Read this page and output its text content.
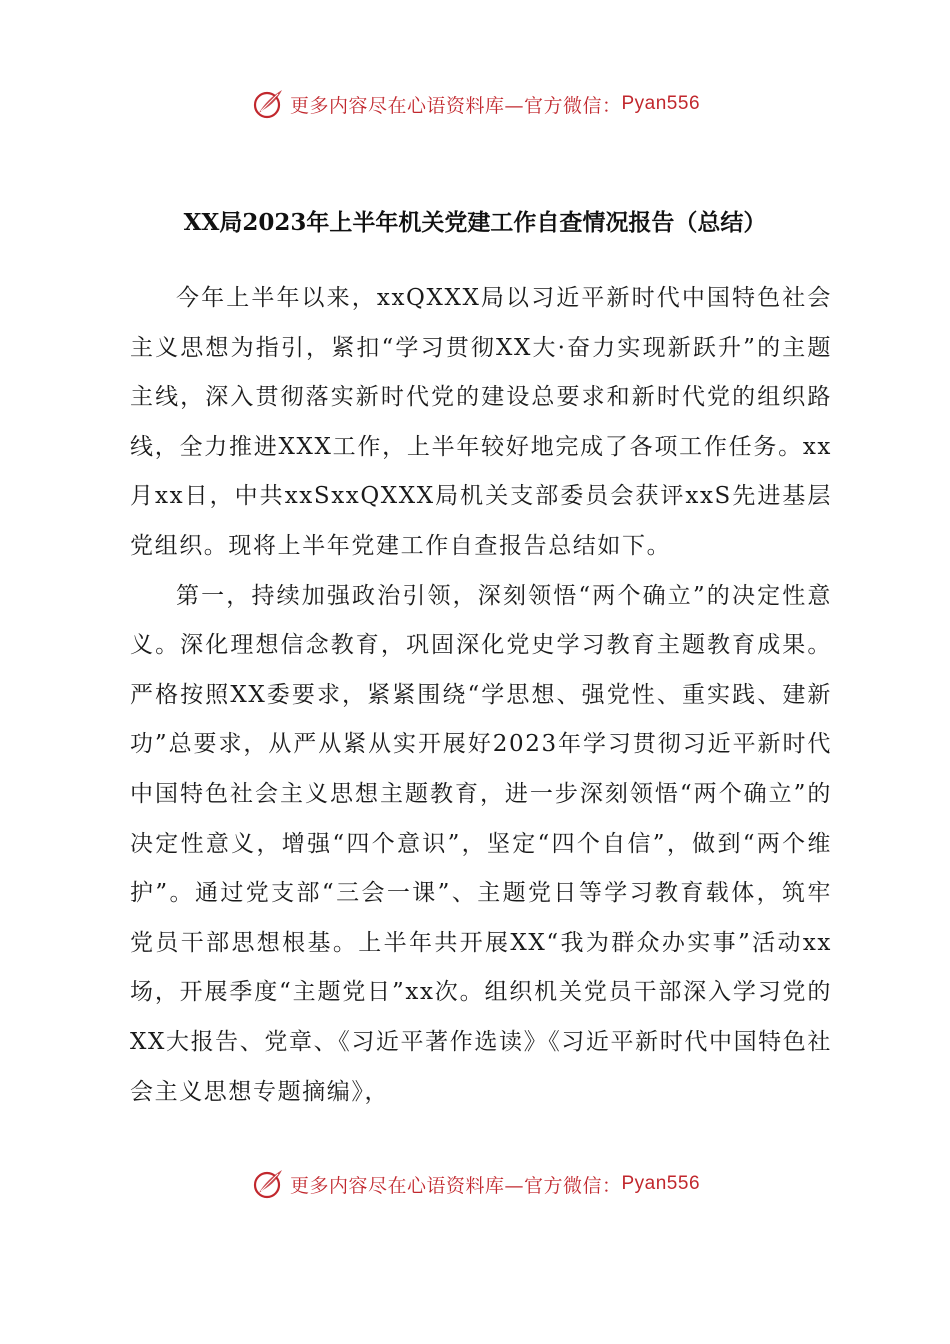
更多内容尽在心语资料库—官方微信： Pyan556
XX局2023年上半年机关党建工作自查情况报告（总结）

今年上半年以来，xxQXXX局以习近平新时代中国特色社会主义思想为指引，紧扣“学习贯彻XX大·奋力实现新跃升”的主题主线，深入贯彻落实新时代党的建设总要求和新时代党的组织路线，全力推进XXX工作，上半年较好地完成了各项工作任务。xx月xx日，中共xxSxxQXXX局机关支部委员会获评xxS先进基层党组织。现将上半年党建工作自查报告总结如下。

第一，持续加强政治引领，深刻领悟“两个确立”的决定性意义。深化理想信念教育，巩固深化党史学习教育主题教育成果。严格按照XX委要求，紧紧围绕“学思想、强党性、重实践、建新功”总要求，从严从紧从实开展好2023年学习贯彻习近平新时代中国特色社会主义思想主题教育，进一步深刻领悟“两个确立”的决定性意义，增强“四个意识”，坚定“四个自信”，做到“两个维护”。通过党支部“三会一课”、主题党日等学习教育载体，筑牢党员干部思想根基。上半年共开展XX“我为群众办实事”活动xx场，开展季度“主题党日”xx次。组织机关党员干部深入学习党的XX大报告、党章、《习近平著作选读》《习近平新时代中国特色社会主义思想专题摘编》，

更多内容尽在心语资料库—官方微信： Pyan556
